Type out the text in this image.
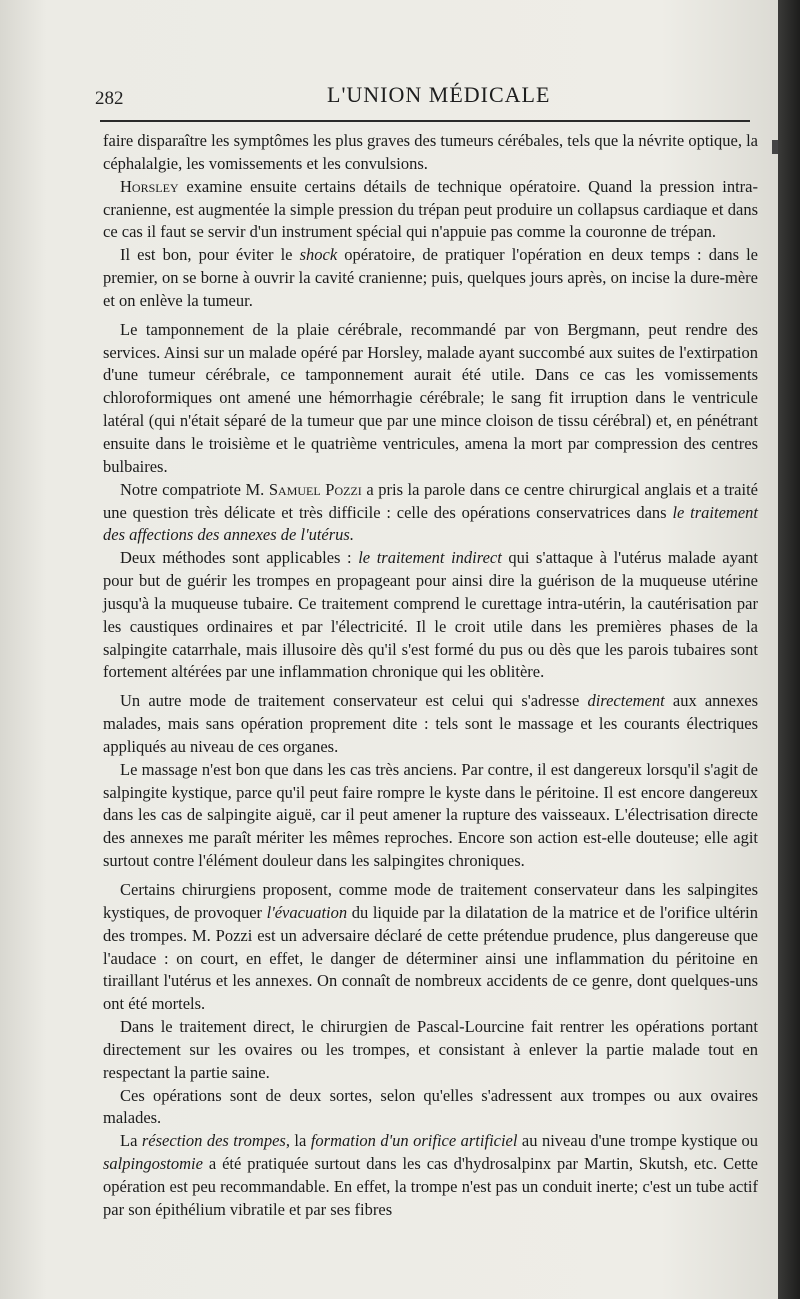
282	L'UNION MÉDICALE

faire disparaître les symptômes les plus graves des tumeurs cérébales, tels que la névrite optique, la céphalalgie, les vomissements et les convulsions.

Horsley examine ensuite certains détails de technique opératoire. Quand la pression intra-cranienne, est augmentée la simple pression du trépan peut produire un collapsus cardiaque et dans ce cas il faut se servir d'un instrument spécial qui n'appuie pas comme la couronne de trépan.

Il est bon, pour éviter le shock opératoire, de pratiquer l'opération en deux temps : dans le premier, on se borne à ouvrir la cavité cranienne; puis, quelques jours après, on incise la dure-mère et on enlève la tumeur.

Le tamponnement de la plaie cérébrale, recommandé par von Bergmann, peut rendre des services. Ainsi sur un malade opéré par Horsley, malade ayant succombé aux suites de l'extirpation d'une tumeur cérébrale, ce tamponnement aurait été utile. Dans ce cas les vomissements chloroformiques ont amené une hémorrhagie cérébrale; le sang fit irruption dans le ventricule latéral (qui n'était séparé de la tumeur que par une mince cloison de tissu cérébral) et, en pénétrant ensuite dans le troisième et le quatrième ventricules, amena la mort par compression des centres bulbaires.

Notre compatriote M. Samuel Pozzi a pris la parole dans ce centre chirurgical anglais et a traité une question très délicate et très difficile : celle des opérations conservatrices dans le traitement des affections des annexes de l'utérus.

Deux méthodes sont applicables : le traitement indirect qui s'attaque à l'utérus malade ayant pour but de guérir les trompes en propageant pour ainsi dire la guérison de la muqueuse utérine jusqu'à la muqueuse tubaire. Ce traitement comprend le curettage intra-utérin, la cautérisation par les caustiques ordinaires et par l'électricité. Il le croit utile dans les premières phases de la salpingite catarrhale, mais illusoire dès qu'il s'est formé du pus ou dès que les parois tubaires sont fortement altérées par une inflammation chronique qui les oblitère.

Un autre mode de traitement conservateur est celui qui s'adresse directement aux annexes malades, mais sans opération proprement dite : tels sont le massage et les courants électriques appliqués au niveau de ces organes.

Le massage n'est bon que dans les cas très anciens. Par contre, il est dangereux lorsqu'il s'agit de salpingite kystique, parce qu'il peut faire rompre le kyste dans le péritoine. Il est encore dangereux dans les cas de salpingite aiguë, car il peut amener la rupture des vaisseaux. L'électrisation directe des annexes me paraît mériter les mêmes reproches. Encore son action est-elle douteuse; elle agit surtout contre l'élément douleur dans les salpingites chroniques.

Certains chirurgiens proposent, comme mode de traitement conservateur dans les salpingites kystiques, de provoquer l'évacuation du liquide par la dilatation de la matrice et de l'orifice ultérin des trompes. M. Pozzi est un adversaire déclaré de cette prétendue prudence, plus dangereuse que l'audace : on court, en effet, le danger de déterminer ainsi une inflammation du péritoine en tiraillant l'utérus et les annexes. On connaît de nombreux accidents de ce genre, dont quelques-uns ont été mortels.

Dans le traitement direct, le chirurgien de Pascal-Lourcine fait rentrer les opérations portant directement sur les ovaires ou les trompes, et consistant à enlever la partie malade tout en respectant la partie saine.

Ces opérations sont de deux sortes, selon qu'elles s'adressent aux trompes ou aux ovaires malades.

La résection des trompes, la formation d'un orifice artificiel au niveau d'une trompe kystique ou salpingostomie a été pratiquée surtout dans les cas d'hydrosalpinx par Martin, Skutsh, etc. Cette opération est peu recommandable. En effet, la trompe n'est pas un conduit inerte; c'est un tube actif par son épithélium vibratile et par ses fibres
